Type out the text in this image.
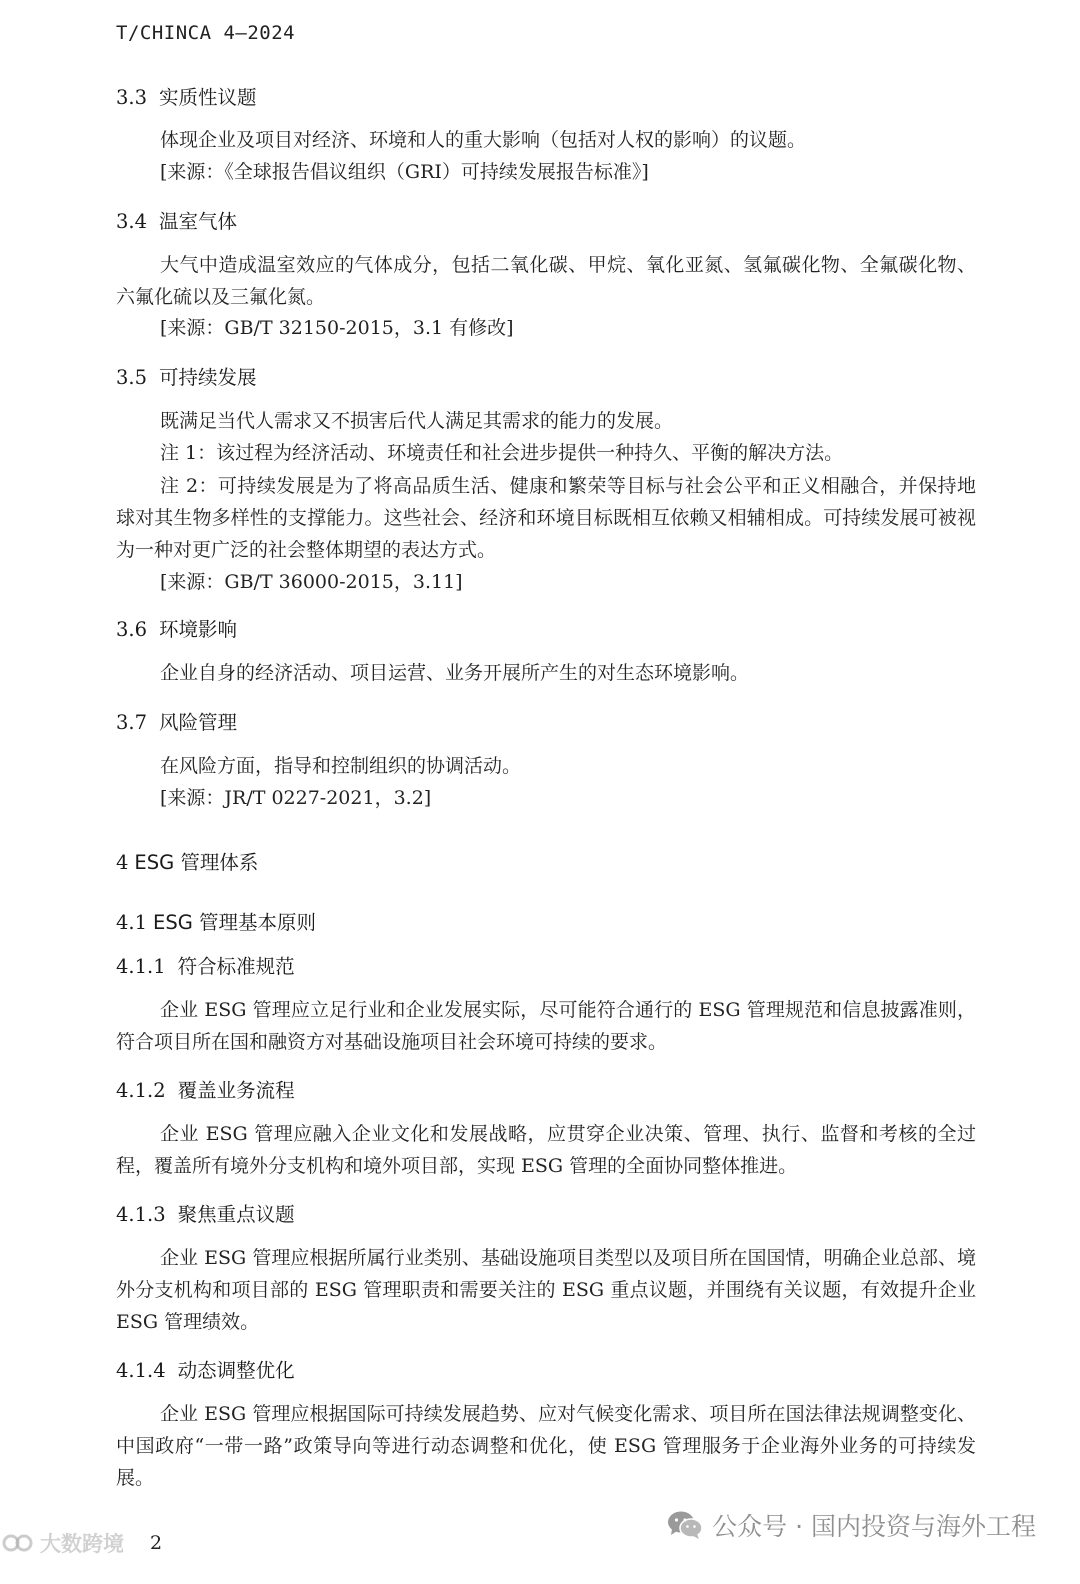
T/CHINCA 4—2024
3.3 实质性议题
体现企业及项目对经济、环境和人的重大影响（包括对人权的影响）的议题。
[来源：《全球报告倡议组织（GRI）可持续发展报告标准》]
3.4 温室气体
大气中造成温室效应的气体成分，包括二氧化碳、甲烷、氧化亚氮、氢氟碳化物、全氟碳化物、六氟化硫以及三氟化氮。
[来源：GB/T 32150-2015，3.1 有修改]
3.5 可持续发展
既满足当代人需求又不损害后代人满足其需求的能力的发展。
注 1：该过程为经济活动、环境责任和社会进步提供一种持久、平衡的解决方法。
注 2：可持续发展是为了将高品质生活、健康和繁荣等目标与社会公平和正义相融合，并保持地球对其生物多样性的支撑能力。这些社会、经济和环境目标既相互依赖又相辅相成。可持续发展可被视为一种对更广泛的社会整体期望的表达方式。
[来源：GB/T 36000-2015，3.11]
3.6 环境影响
企业自身的经济活动、项目运营、业务开展所产生的对生态环境影响。
3.7 风险管理
在风险方面，指导和控制组织的协调活动。
[来源：JR/T 0227-2021，3.2]
4 ESG 管理体系
4.1 ESG 管理基本原则
4.1.1 符合标准规范
企业 ESG 管理应立足行业和企业发展实际，尽可能符合通行的 ESG 管理规范和信息披露准则，符合项目所在国和融资方对基础设施项目社会环境可持续的要求。
4.1.2 覆盖业务流程
企业 ESG 管理应融入企业文化和发展战略，应贯穿企业决策、管理、执行、监督和考核的全过程，覆盖所有境外分支机构和境外项目部，实现 ESG 管理的全面协同整体推进。
4.1.3 聚焦重点议题
企业 ESG 管理应根据所属行业类别、基础设施项目类型以及项目所在国国情，明确企业总部、境外分支机构和项目部的 ESG 管理职责和需要关注的 ESG 重点议题，并围绕有关议题，有效提升企业 ESG 管理绩效。
4.1.4 动态调整优化
企业 ESG 管理应根据国际可持续发展趋势、应对气候变化需求、项目所在国法律法规调整变化、中国政府“一带一路”政策导向等进行动态调整和优化，使 ESG 管理服务于企业海外业务的可持续发展。
大数跨境 2
公众号 · 国内投资与海外工程
